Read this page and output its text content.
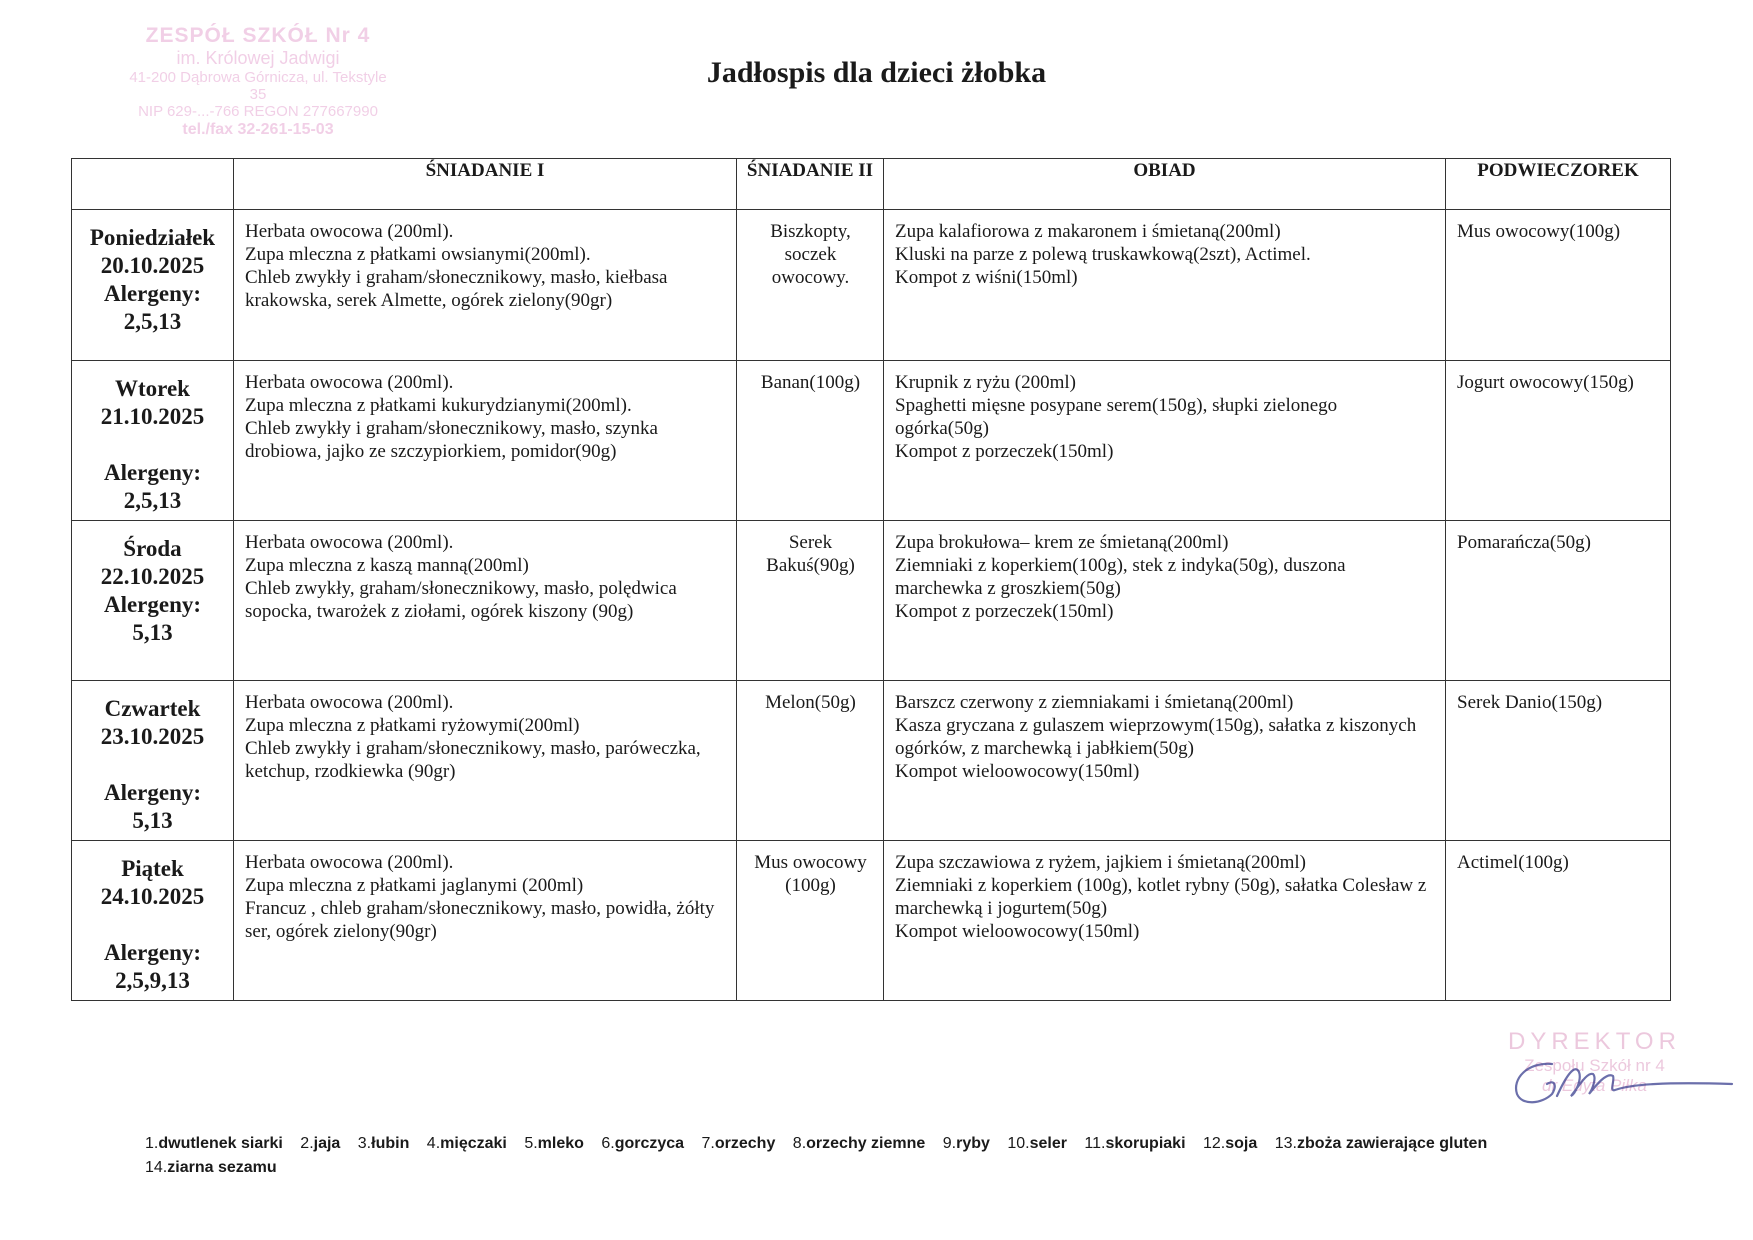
ZESPÓŁ SZKÓŁ Nr 4
im. Królowej Jadwigi
41-200 Dąbrowa Górnicza, ul. Tekstyle 35
NIP 629-...-766 REGON 277667990
tel./fax 32-261-15-03
Jadłospis dla dzieci żłobka
	ŚNIADANIE I	ŚNIADANIE II	OBIAD	PODWIECZOREK

Poniedziałek
20.10.2025
Alergeny:
2,5,13	Herbata owocowa (200ml).
Zupa mleczna z płatkami owsianymi(200ml).
Chleb zwykły i graham/słonecznikowy, masło, kiełbasa krakowska, serek Almette, ogórek zielony(90gr)	Biszkopty, soczek owocowy.	Zupa kalafiorowa z makaronem i śmietaną(200ml)
Kluski na parze z polewą truskawkową(2szt), Actimel.
Kompot z wiśni(150ml)	Mus owocowy(100g)

Wtorek
21.10.2025
Alergeny:
2,5,13	Herbata owocowa (200ml).
Zupa mleczna z płatkami kukurydzianymi(200ml).
Chleb zwykły i graham/słonecznikowy, masło, szynka drobiowa, jajko ze szczypiorkiem, pomidor(90g)	Banan(100g)	Krupnik z ryżu (200ml)
Spaghetti mięsne posypane serem(150g), słupki zielonego ogórka(50g)
Kompot z porzeczek(150ml)	Jogurt owocowy(150g)

Środa
22.10.2025
Alergeny:
5,13	Herbata owocowa (200ml).
Zupa mleczna z kaszą manną(200ml)
Chleb zwykły, graham/słonecznikowy, masło, polędwica sopocka, twarożek z ziołami, ogórek kiszony (90g)	Serek Bakuś(90g)	Zupa brokułowa– krem ze śmietaną(200ml)
Ziemniaki z koperkiem(100g), stek z indyka(50g), duszona marchewka z groszkiem(50g)
Kompot z porzeczek(150ml)	Pomarańcza(50g)

Czwartek
23.10.2025
Alergeny:
5,13	Herbata owocowa (200ml).
Zupa mleczna z płatkami ryżowymi(200ml)
Chleb zwykły i graham/słonecznikowy, masło, paróweczka, ketchup, rzodkiewka (90gr)	Melon(50g)	Barszcz czerwony z ziemniakami i śmietaną(200ml)
Kasza gryczana z gulaszem wieprzowym(150g), sałatka z kiszonych ogórków, z marchewką i jabłkiem(50g)
Kompot wieloowocowy(150ml)	Serek Danio(150g)

Piątek
24.10.2025
Alergeny:
2,5,9,13	Herbata owocowa (200ml).
Zupa mleczna z płatkami jaglanymi (200ml)
Francuz , chleb graham/słonecznikowy, masło, powidła, żółty ser, ogórek zielony(90gr)	Mus owocowy (100g)	Zupa szczawiowa z ryżem, jajkiem i śmietaną(200ml)
Ziemniaki z koperkiem (100g), kotlet rybny (50g), sałatka Colesław z marchewką i jogurtem(50g)
Kompot wieloowocowy(150ml)	Actimel(100g)
DYREKTOR
Zespołu Szkół nr 4
dr Edyta Piłka
1.dwutlenek siarki 2.jaja 3.łubin 4.mięczaki 5.mleko 6.gorczyca 7.orzechy 8.orzechy ziemne 9.ryby 10.seler 11.skorupiaki 12.soja 13.zboża zawierające gluten 14.ziarna sezamu
